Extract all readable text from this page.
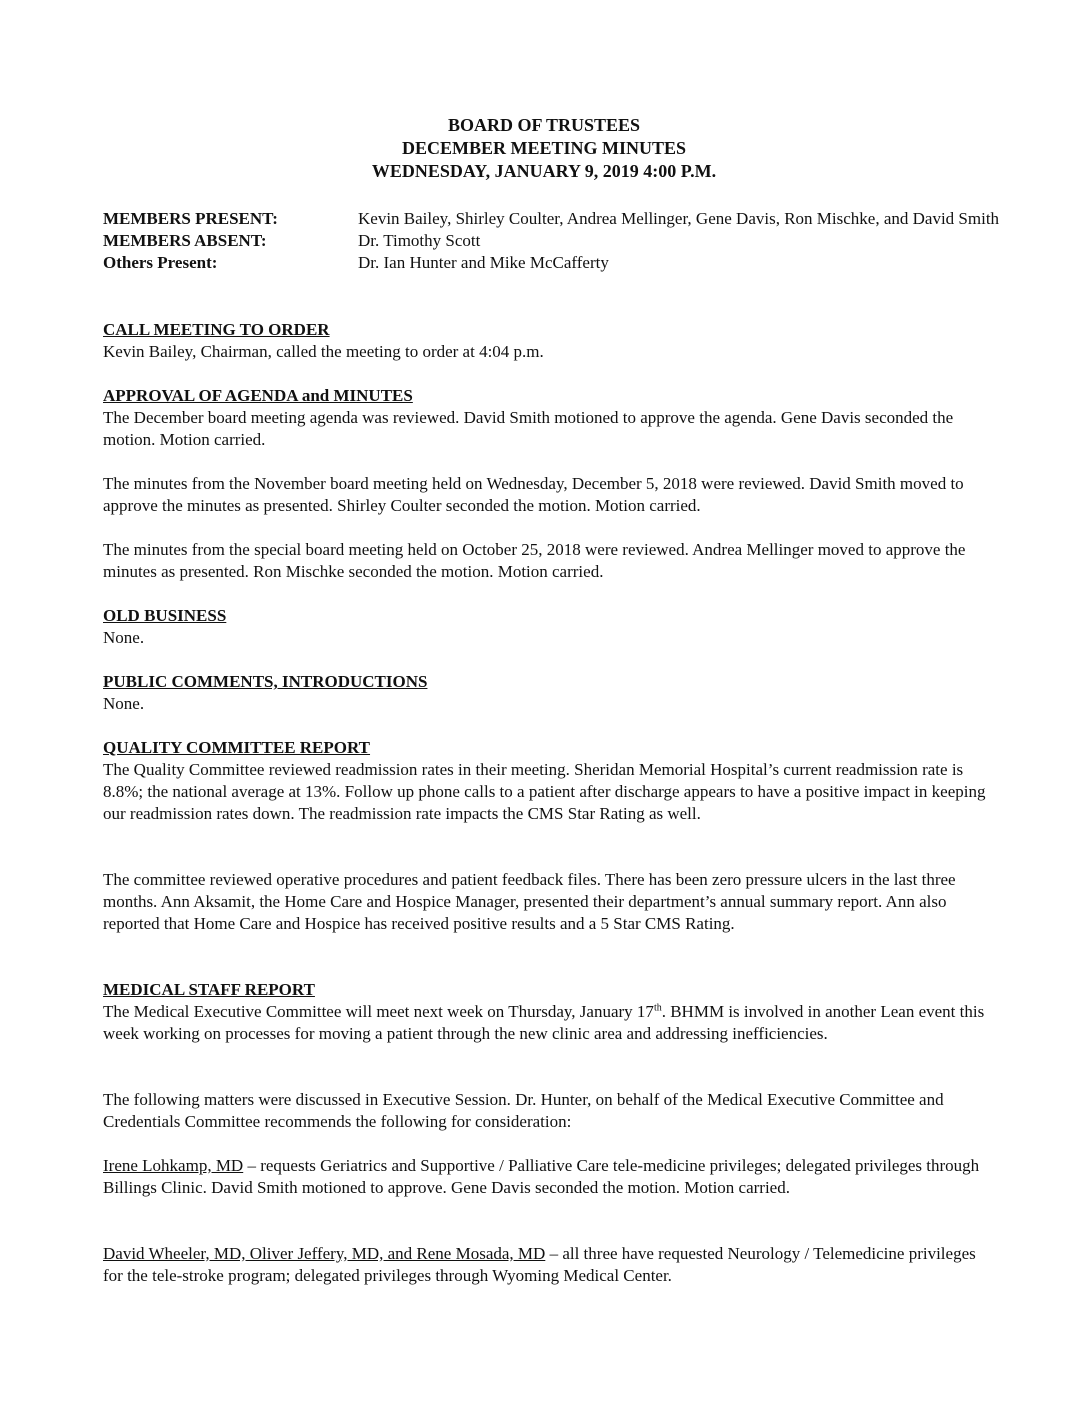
BOARD OF TRUSTEES
DECEMBER MEETING MINUTES
WEDNESDAY, JANUARY 9, 2019 4:00 P.M.
MEMBERS PRESENT:	Kevin Bailey, Shirley Coulter, Andrea Mellinger, Gene Davis, Ron Mischke, and David Smith
MEMBERS ABSENT:	Dr. Timothy Scott
Others Present:	Dr. Ian Hunter and Mike McCafferty
CALL MEETING TO ORDER

Kevin Bailey, Chairman, called the meeting to order at 4:04 p.m.

APPROVAL OF AGENDA and MINUTES

The December board meeting agenda was reviewed. David Smith motioned to approve the agenda. Gene Davis seconded the motion. Motion carried.

The minutes from the November board meeting held on Wednesday, December 5, 2018 were reviewed. David Smith moved to approve the minutes as presented. Shirley Coulter seconded the motion. Motion carried.

The minutes from the special board meeting held on October 25, 2018 were reviewed. Andrea Mellinger moved to approve the minutes as presented. Ron Mischke seconded the motion. Motion carried.

OLD BUSINESS

None.

PUBLIC COMMENTS, INTRODUCTIONS

None.

QUALITY COMMITTEE REPORT

The Quality Committee reviewed readmission rates in their meeting. Sheridan Memorial Hospital’s current readmission rate is 8.8%; the national average at 13%. Follow up phone calls to a patient after discharge appears to have a positive impact in keeping our readmission rates down. The readmission rate impacts the CMS Star Rating as well.

The committee reviewed operative procedures and patient feedback files. There has been zero pressure ulcers in the last three months. Ann Aksamit, the Home Care and Hospice Manager, presented their department’s annual summary report. Ann also reported that Home Care and Hospice has received positive results and a 5 Star CMS Rating.

MEDICAL STAFF REPORT

The Medical Executive Committee will meet next week on Thursday, January 17th. BHMM is involved in another Lean event this week working on processes for moving a patient through the new clinic area and addressing inefficiencies.

The following matters were discussed in Executive Session. Dr. Hunter, on behalf of the Medical Executive Committee and Credentials Committee recommends the following for consideration:

Irene Lohkamp, MD – requests Geriatrics and Supportive / Palliative Care tele-medicine privileges; delegated privileges through Billings Clinic. David Smith motioned to approve. Gene Davis seconded the motion. Motion carried.

David Wheeler, MD, Oliver Jeffery, MD, and Rene Mosada, MD – all three have requested Neurology / Telemedicine privileges for the tele-stroke program; delegated privileges through Wyoming Medical Center.
